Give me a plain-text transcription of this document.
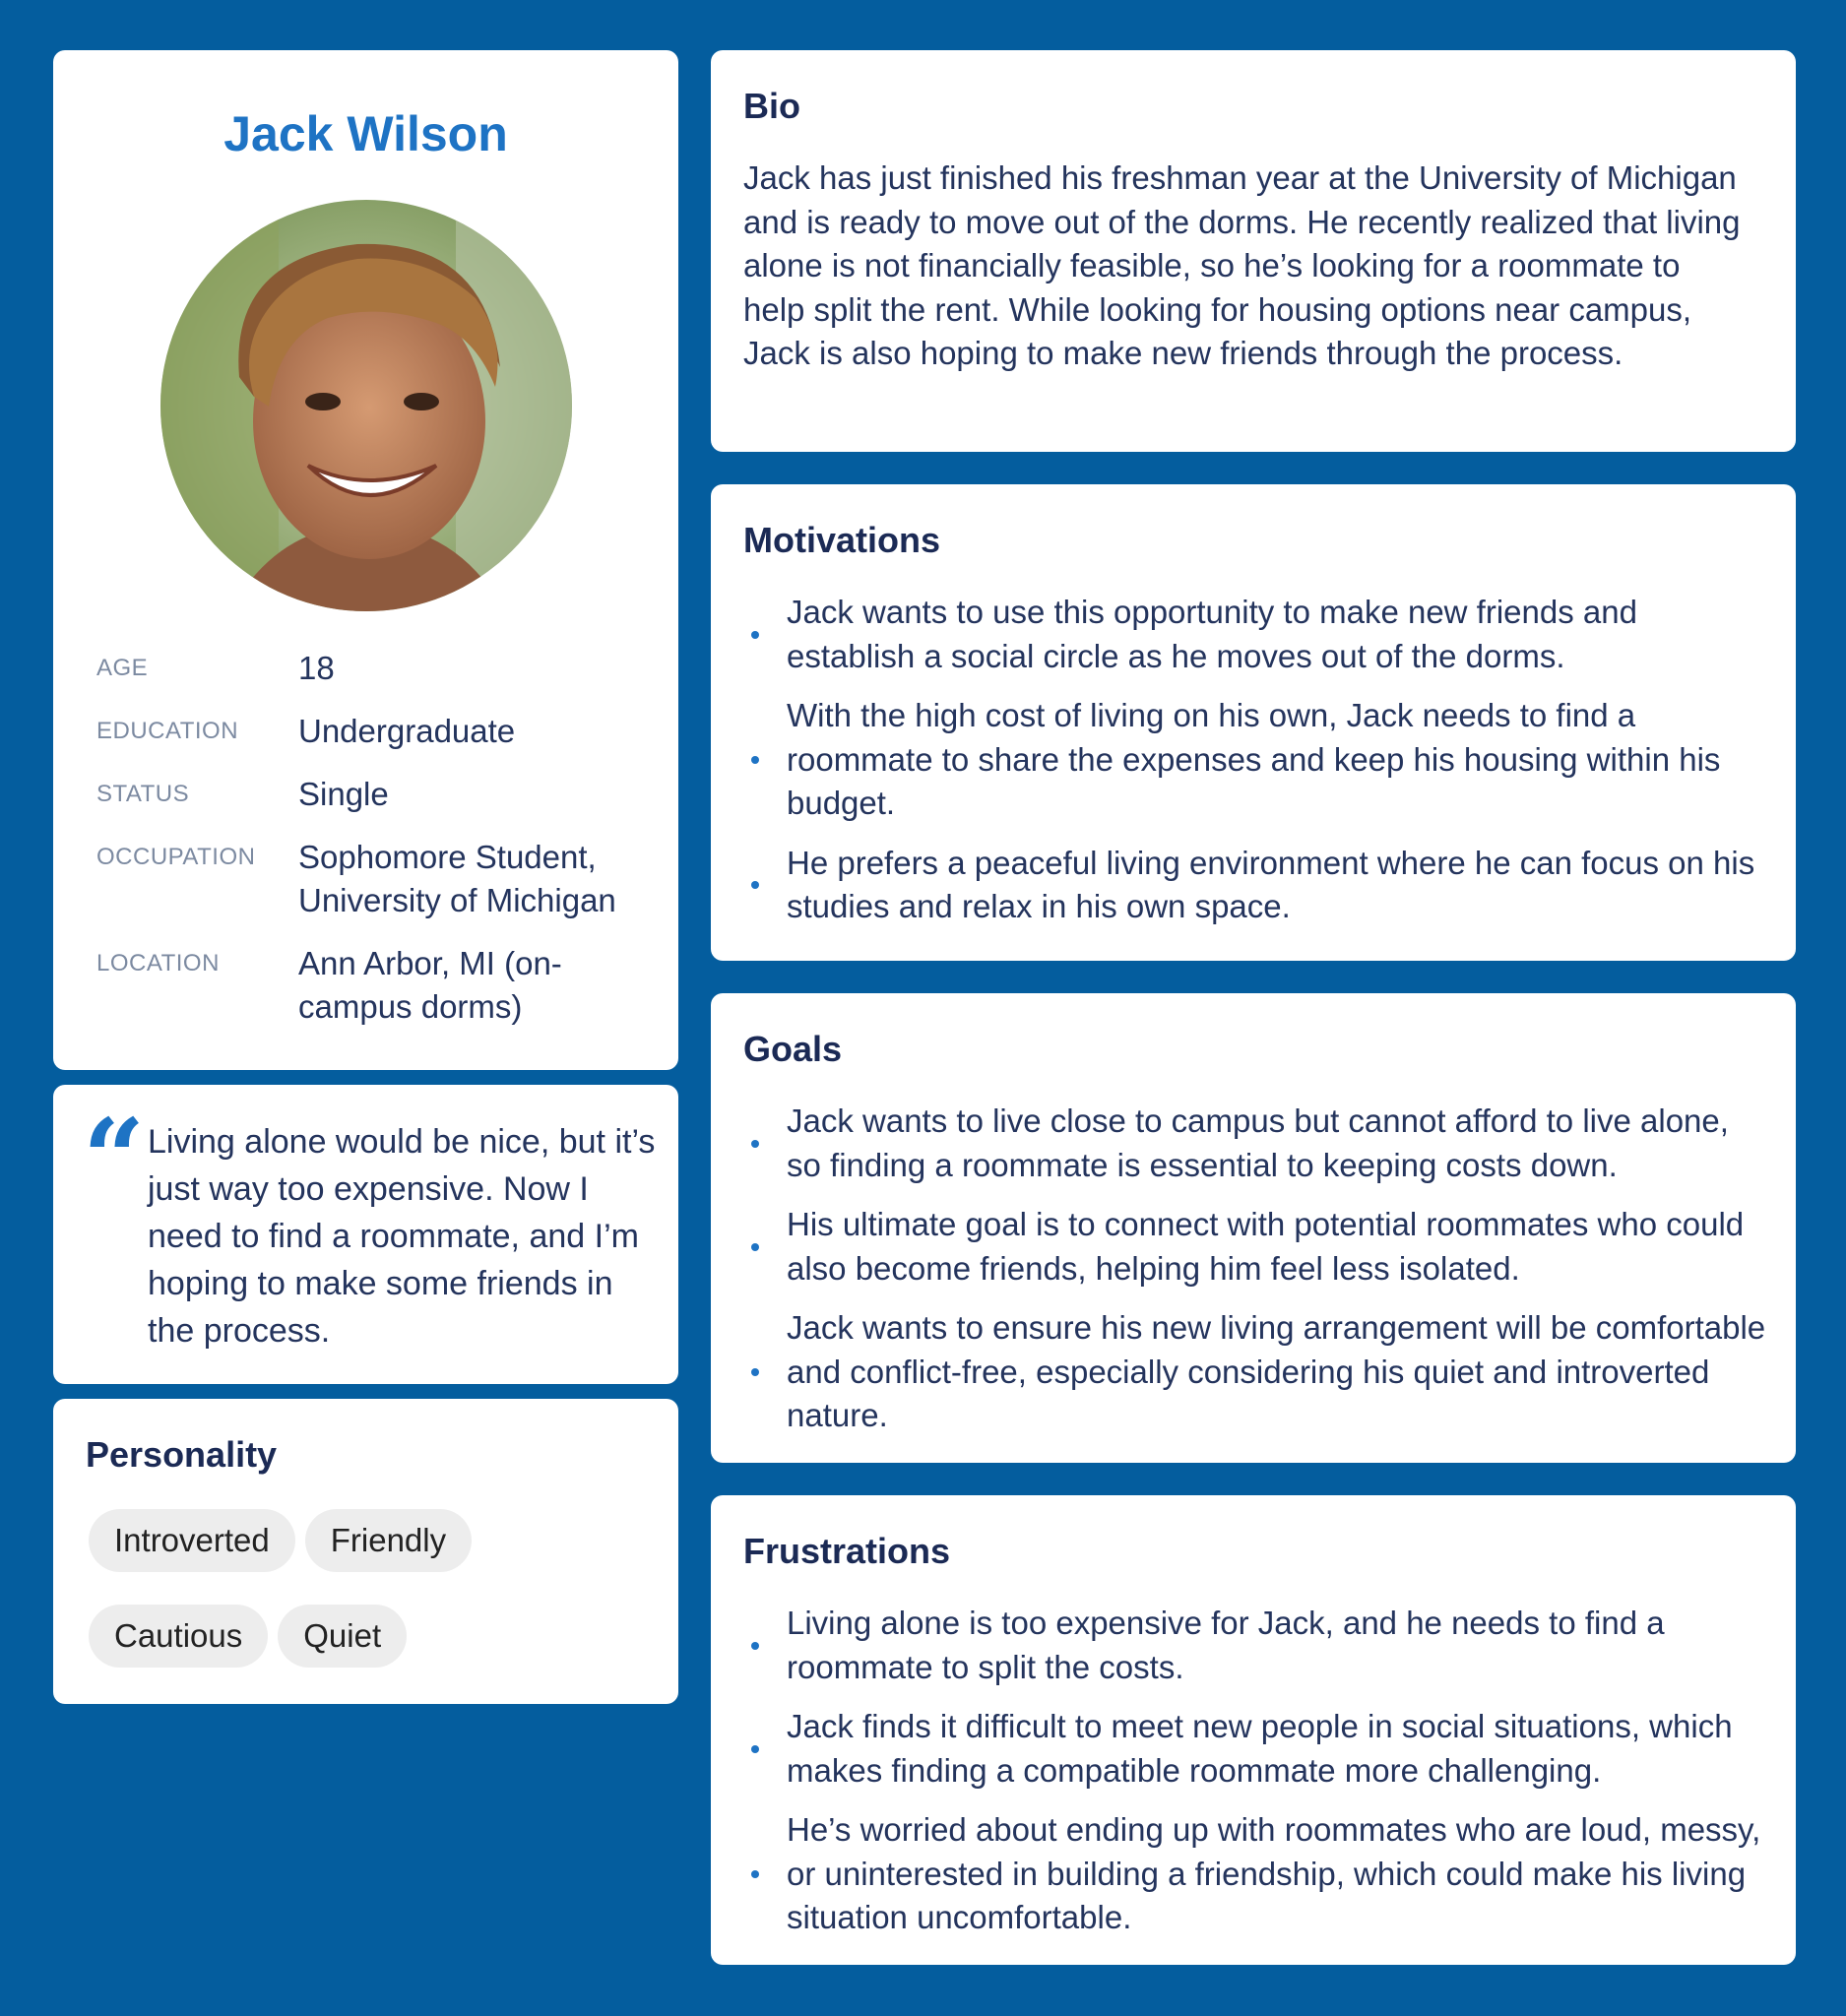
Jack Wilson
AGE	18
EDUCATION	Undergraduate
STATUS	Single
OCCUPATION	Sophomore Student, University of Michigan
LOCATION	Ann Arbor, MI (on-campus dorms)
“ Living alone would be nice, but it’s just way too expensive. Now I need to find a roommate, and I’m hoping to make some friends in the process.

Personality
Introverted Friendly
Cautious Quiet
Bio

Jack has just finished his freshman year at the University of Michigan and is ready to move out of the dorms. He recently realized that living alone is not financially feasible, so he’s looking for a roommate to help split the rent. While looking for housing options near campus, Jack is also hoping to make new friends through the process.

Motivations
Jack wants to use this opportunity to make new friends and establish a social circle as he moves out of the dorms.
With the high cost of living on his own, Jack needs to find a roommate to share the expenses and keep his housing within his budget.
He prefers a peaceful living environment where he can focus on his studies and relax in his own space.
Goals
Jack wants to live close to campus but cannot afford to live alone, so finding a roommate is essential to keeping costs down.
His ultimate goal is to connect with potential roommates who could also become friends, helping him feel less isolated.
Jack wants to ensure his new living arrangement will be comfortable and conflict-free, especially considering his quiet and introverted nature.
Frustrations
Living alone is too expensive for Jack, and he needs to find a roommate to split the costs.
Jack finds it difficult to meet new people in social situations, which makes finding a compatible roommate more challenging.
He’s worried about ending up with roommates who are loud, messy, or uninterested in building a friendship, which could make his living situation uncomfortable.
